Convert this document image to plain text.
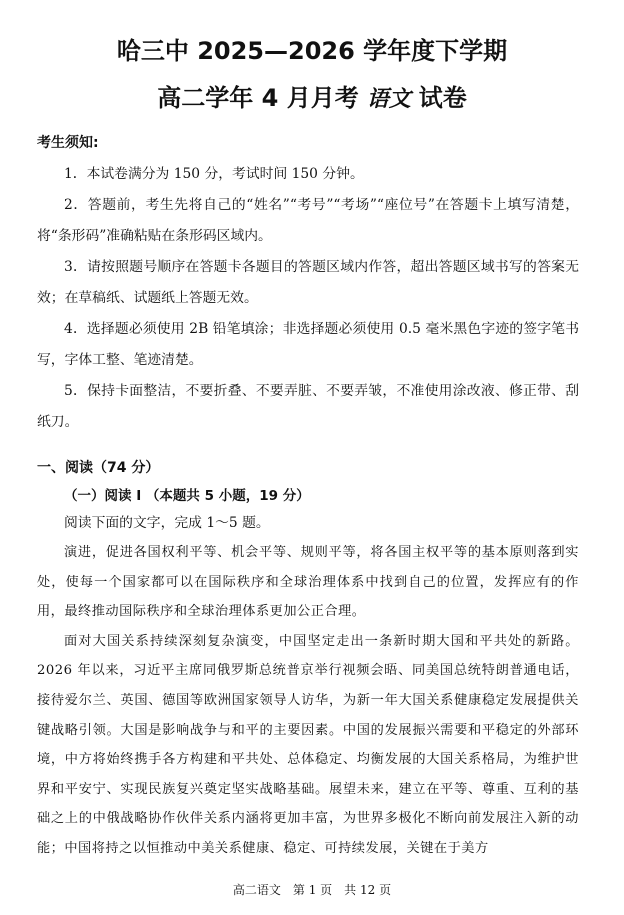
哈三中 2025—2026 学年度下学期
高二学年 4 月月考 语文 试卷
考生须知:

1．本试卷满分为 150 分，考试时间 150 分钟。

2．答题前，考生先将自己的“姓名”“考号”“考场”“座位号”在答题卡上填写清楚，将“条形码”准确粘贴在条形码区域内。

3．请按照题号顺序在答题卡各题目的答题区域内作答，超出答题区域书写的答案无效；在草稿纸、试题纸上答题无效。

4．选择题必须使用 2B 铅笔填涂；非选择题必须使用 0.5 毫米黑色字迹的签字笔书写，字体工整、笔迹清楚。

5．保持卡面整洁，不要折叠、不要弄脏、不要弄皱，不准使用涂改液、修正带、刮纸刀。

一、阅读（74 分）
（一）阅读 I （本题共 5 小题，19 分）
阅读下面的文字，完成 1～5 题。

演进，促进各国权利平等、机会平等、规则平等，将各国主权平等的基本原则落到实处，使每一个国家都可以在国际秩序和全球治理体系中找到自己的位置，发挥应有的作用，最终推动国际秩序和全球治理体系更加公正合理。

面对大国关系持续深刻复杂演变，中国坚定走出一条新时期大国和平共处的新路。2026 年以来，习近平主席同俄罗斯总统普京举行视频会晤、同美国总统特朗普通电话，接待爱尔兰、英国、德国等欧洲国家领导人访华，为新一年大国关系健康稳定发展提供关键战略引领。大国是影响战争与和平的主要因素。中国的发展振兴需要和平稳定的外部环境，中方将始终携手各方构建和平共处、总体稳定、均衡发展的大国关系格局，为维护世界和平安宁、实现民族复兴奠定坚实战略基础。展望未来，建立在平等、尊重、互利的基础之上的中俄战略协作伙伴关系内涵将更加丰富，为世界多极化不断向前发展注入新的动能；中国将持之以恒推动中美关系健康、稳定、可持续发展，关键在于美方

高二语文　第 1 页　共 12 页
